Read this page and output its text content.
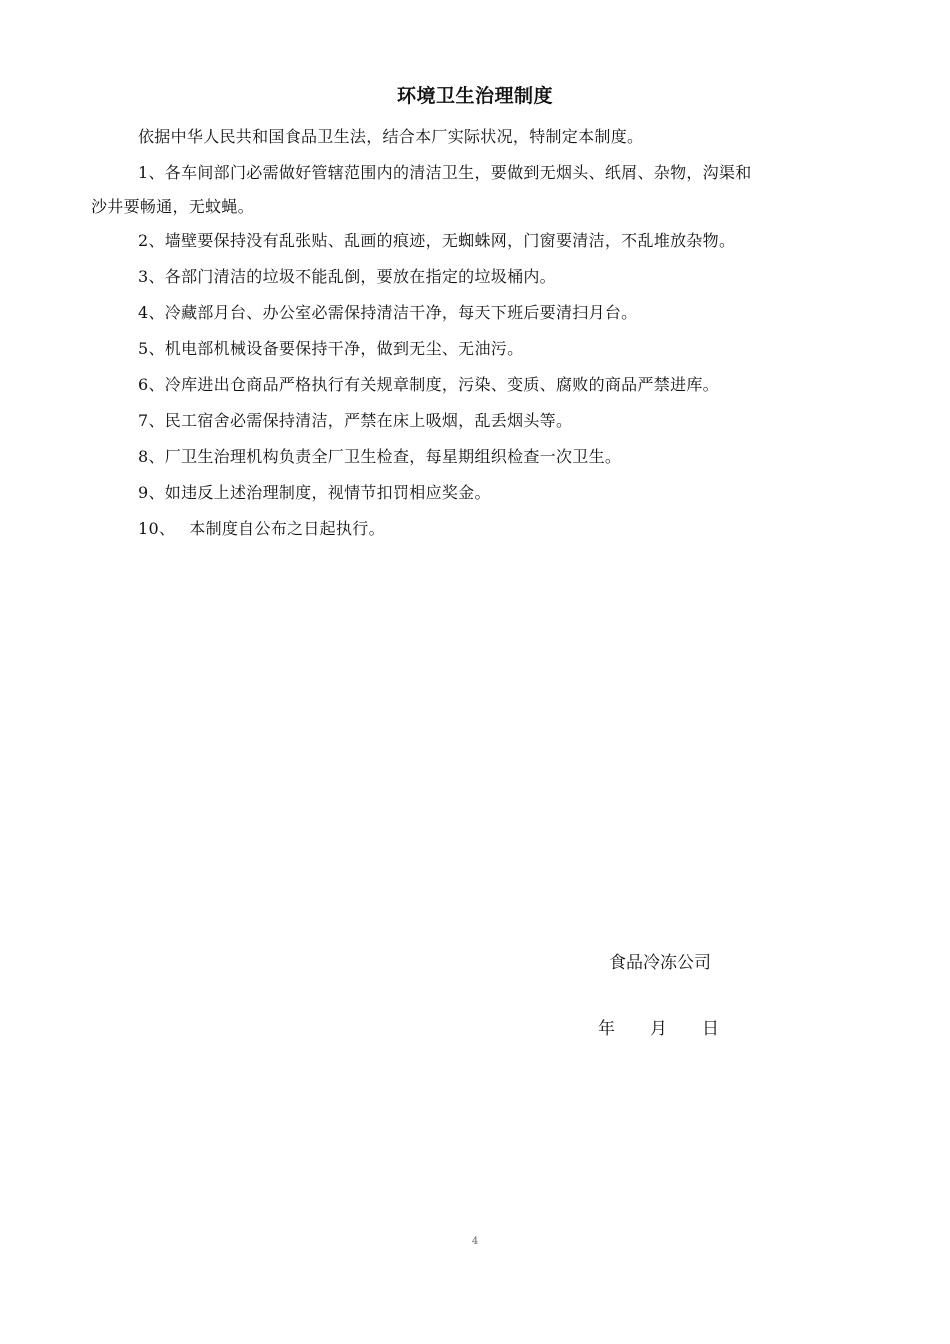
环境卫生治理制度
依据中华人民共和国食品卫生法，结合本厂实际状况，特制定本制度。
1、各车间部门必需做好管辖范围内的清洁卫生，要做到无烟头、纸屑、杂物，沟渠和
沙井要畅通，无蚊蝇。
2、墙壁要保持没有乱张贴、乱画的痕迹，无蜘蛛网，门窗要清洁，不乱堆放杂物。
3、各部门清洁的垃圾不能乱倒，要放在指定的垃圾桶内。
4、冷藏部月台、办公室必需保持清洁干净，每天下班后要清扫月台。
5、机电部机械设备要保持干净，做到无尘、无油污。
6、冷库进出仓商品严格执行有关规章制度，污染、变质、腐败的商品严禁进库。
7、民工宿舍必需保持清洁，严禁在床上吸烟，乱丢烟头等。
8、厂卫生治理机构负责全厂卫生检查，每星期组织检查一次卫生。
9、如违反上述治理制度，视情节扣罚相应奖金。
10、 本制度自公布之日起执行。
食品冷冻公司
年 月 日
4
